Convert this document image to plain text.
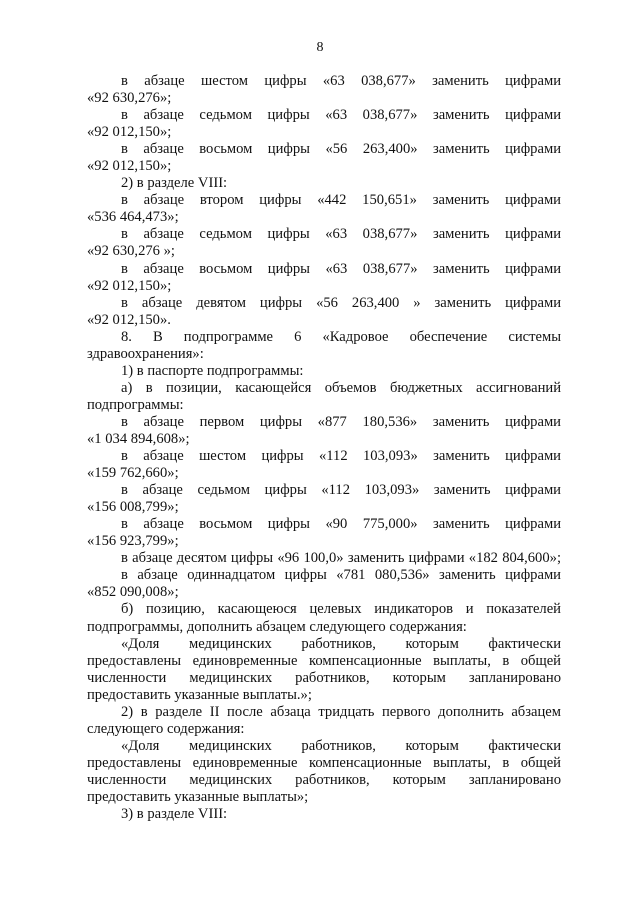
8
в абзаце шестом цифры «63 038,677» заменить цифрами
«92 630,276»;
в абзаце седьмом цифры «63 038,677» заменить цифрами
«92 012,150»;
в абзаце восьмом цифры «56 263,400» заменить цифрами
«92 012,150»;
2) в разделе VIII:
в абзаце втором цифры «442 150,651» заменить цифрами
«536 464,473»;
в абзаце седьмом цифры «63 038,677» заменить цифрами
«92 630,276 »;
в абзаце восьмом цифры «63 038,677» заменить цифрами
«92 012,150»;
в абзаце девятом цифры «56 263,400 » заменить цифрами
«92 012,150».
8. В подпрограмме 6 «Кадровое обеспечение системы
здравоохранения»:
1) в паспорте подпрограммы:
а) в позиции, касающейся объемов бюджетных ассигнований
подпрограммы:
в абзаце первом цифры «877 180,536» заменить цифрами
«1 034 894,608»;
в абзаце шестом цифры «112 103,093» заменить цифрами
«159 762,660»;
в абзаце седьмом цифры «112 103,093» заменить цифрами
«156 008,799»;
в абзаце восьмом цифры «90 775,000» заменить цифрами
«156 923,799»;
в абзаце десятом цифры «96 100,0» заменить цифрами «182 804,600»;
в абзаце одиннадцатом цифры «781 080,536» заменить цифрами
«852 090,008»;
б) позицию, касающеюся целевых индикаторов и показателей
подпрограммы, дополнить абзацем следующего содержания:
«Доля медицинских работников, которым фактически
предоставлены единовременные компенсационные выплаты, в общей
численности медицинских работников, которым запланировано
предоставить указанные выплаты.»;
2) в разделе II после абзаца тридцать первого дополнить абзацем
следующего содержания:
«Доля медицинских работников, которым фактически
предоставлены единовременные компенсационные выплаты, в общей
численности медицинских работников, которым запланировано
предоставить указанные выплаты»;
3) в разделе VIII:
